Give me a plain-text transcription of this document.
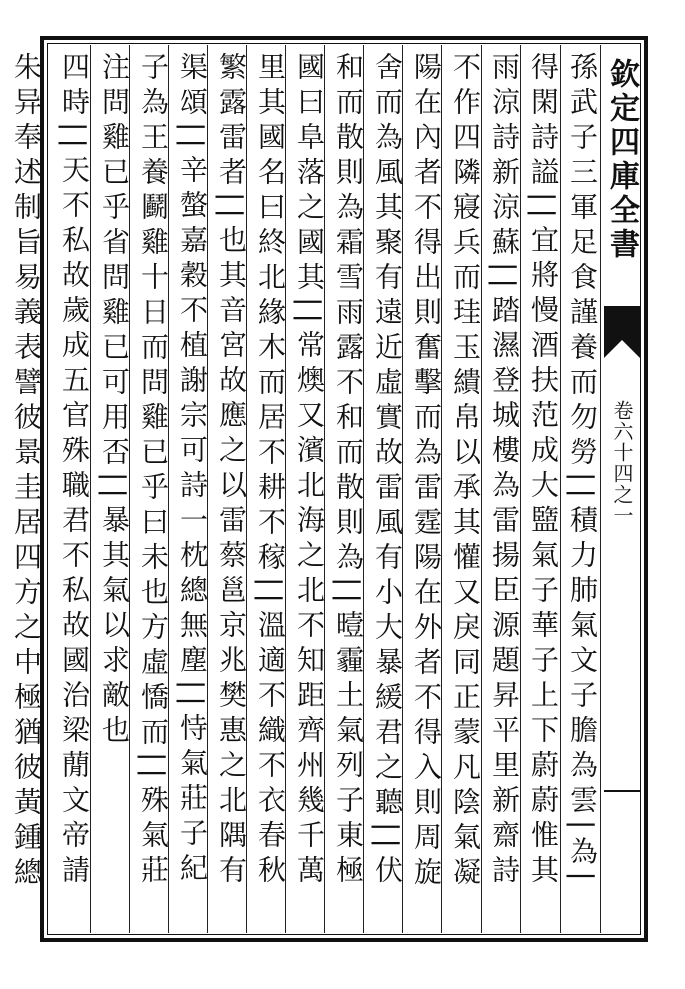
欽定四庫全書
卷六十四之一
孫武子三軍足食謹養而勿勞||積力肺氣文子膽為雲|為|
得閑詩謚||宜將慢酒扶范成大盬氣子華子上下蔚蔚惟其
雨涼詩新涼蘇||踏濕登城樓為雷揚臣源題昇平里新齋詩
不作四隣寢兵而珪玉繢帛以承其懽又戾同正蒙凡陰氣凝
陽在內者不得出則奮擊而為雷霆陽在外者不得入則周旋
舍而為風其聚有遠近虛實故雷風有小大暴緩君之聽||伏
和而散則為霜雪雨露不和而散則為||曀霾土氣列子東極
國曰阜落之國其||常燠又濱北海之北不知距齊州幾千萬
里其國名曰終北緣木而居不耕不稼||溫適不織不衣春秋
繁露雷者||也其音宮故應之以雷蔡邕京兆樊惠之北隅有
渠頌||辛螫嘉穀不植謝宗可詩一枕總無塵||恃氣莊子紀
子為王養鬬雞十日而問雞已乎曰未也方虛憍而||殊氣莊
注問雞已乎省問雞已可用否||暴其氣以求敵也
四時||天不私故歲成五官殊職君不私故國治梁蕑文帝請
朱异奉述制旨易義表譬彼景圭居四方之中極猶彼黃鍾總
